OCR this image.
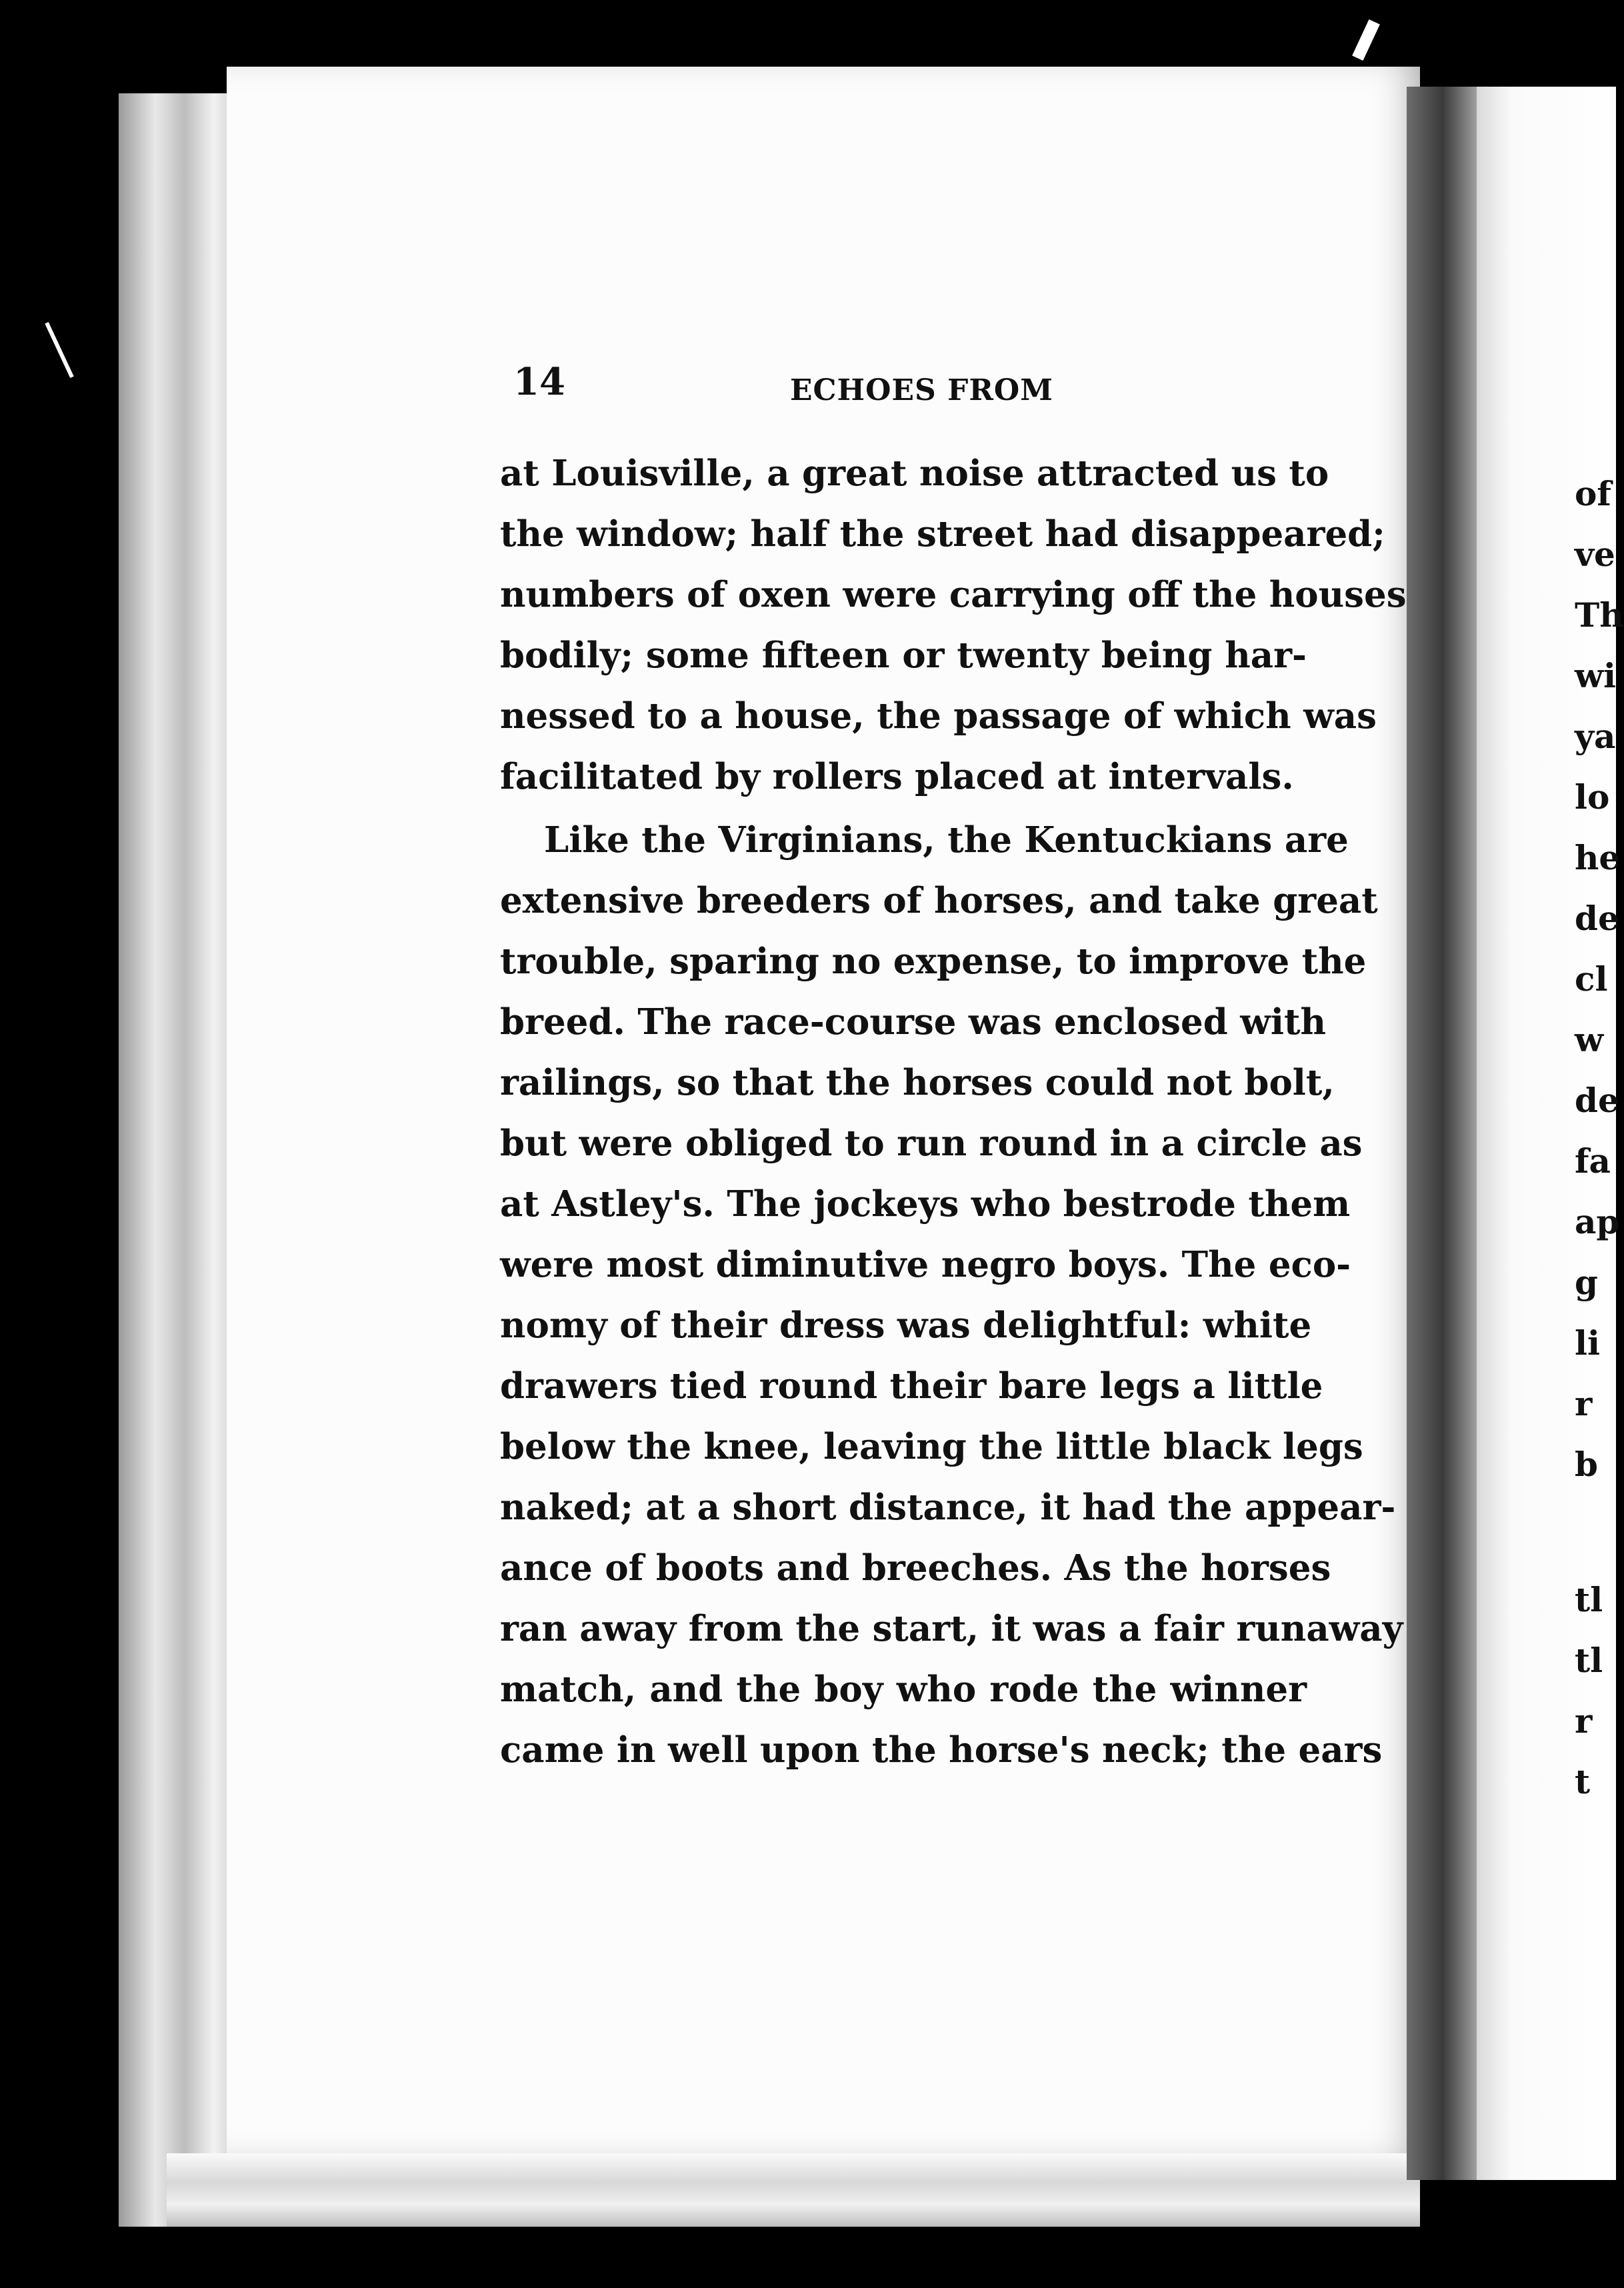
14	ECHOES FROM
at Louisville, a great noise attracted us to
the window; half the street had disappeared;
numbers of oxen were carrying off the houses
bodily; some fifteen or twenty being har-
nessed to a house, the passage of which was
facilitated by rollers placed at intervals.
Like the Virginians, the Kentuckians are
extensive breeders of horses, and take great
trouble, sparing no expense, to improve the
breed. The race-course was enclosed with
railings, so that the horses could not bolt,
but were obliged to run round in a circle as
at Astley's. The jockeys who bestrode them
were most diminutive negro boys. The eco-
nomy of their dress was delightful: white
drawers tied round their bare legs a little
below the knee, leaving the little black legs
naked; at a short distance, it had the appear-
ance of boots and breeches. As the horses
ran away from the start, it was a fair runaway
match, and the boy who rode the winner
came in well upon the horse's neck; the ears
of
ve
Th
wi
ya
lo
he
de
cl
w
de
fa
ap
g
li
r
b
tl
tl
r
t
